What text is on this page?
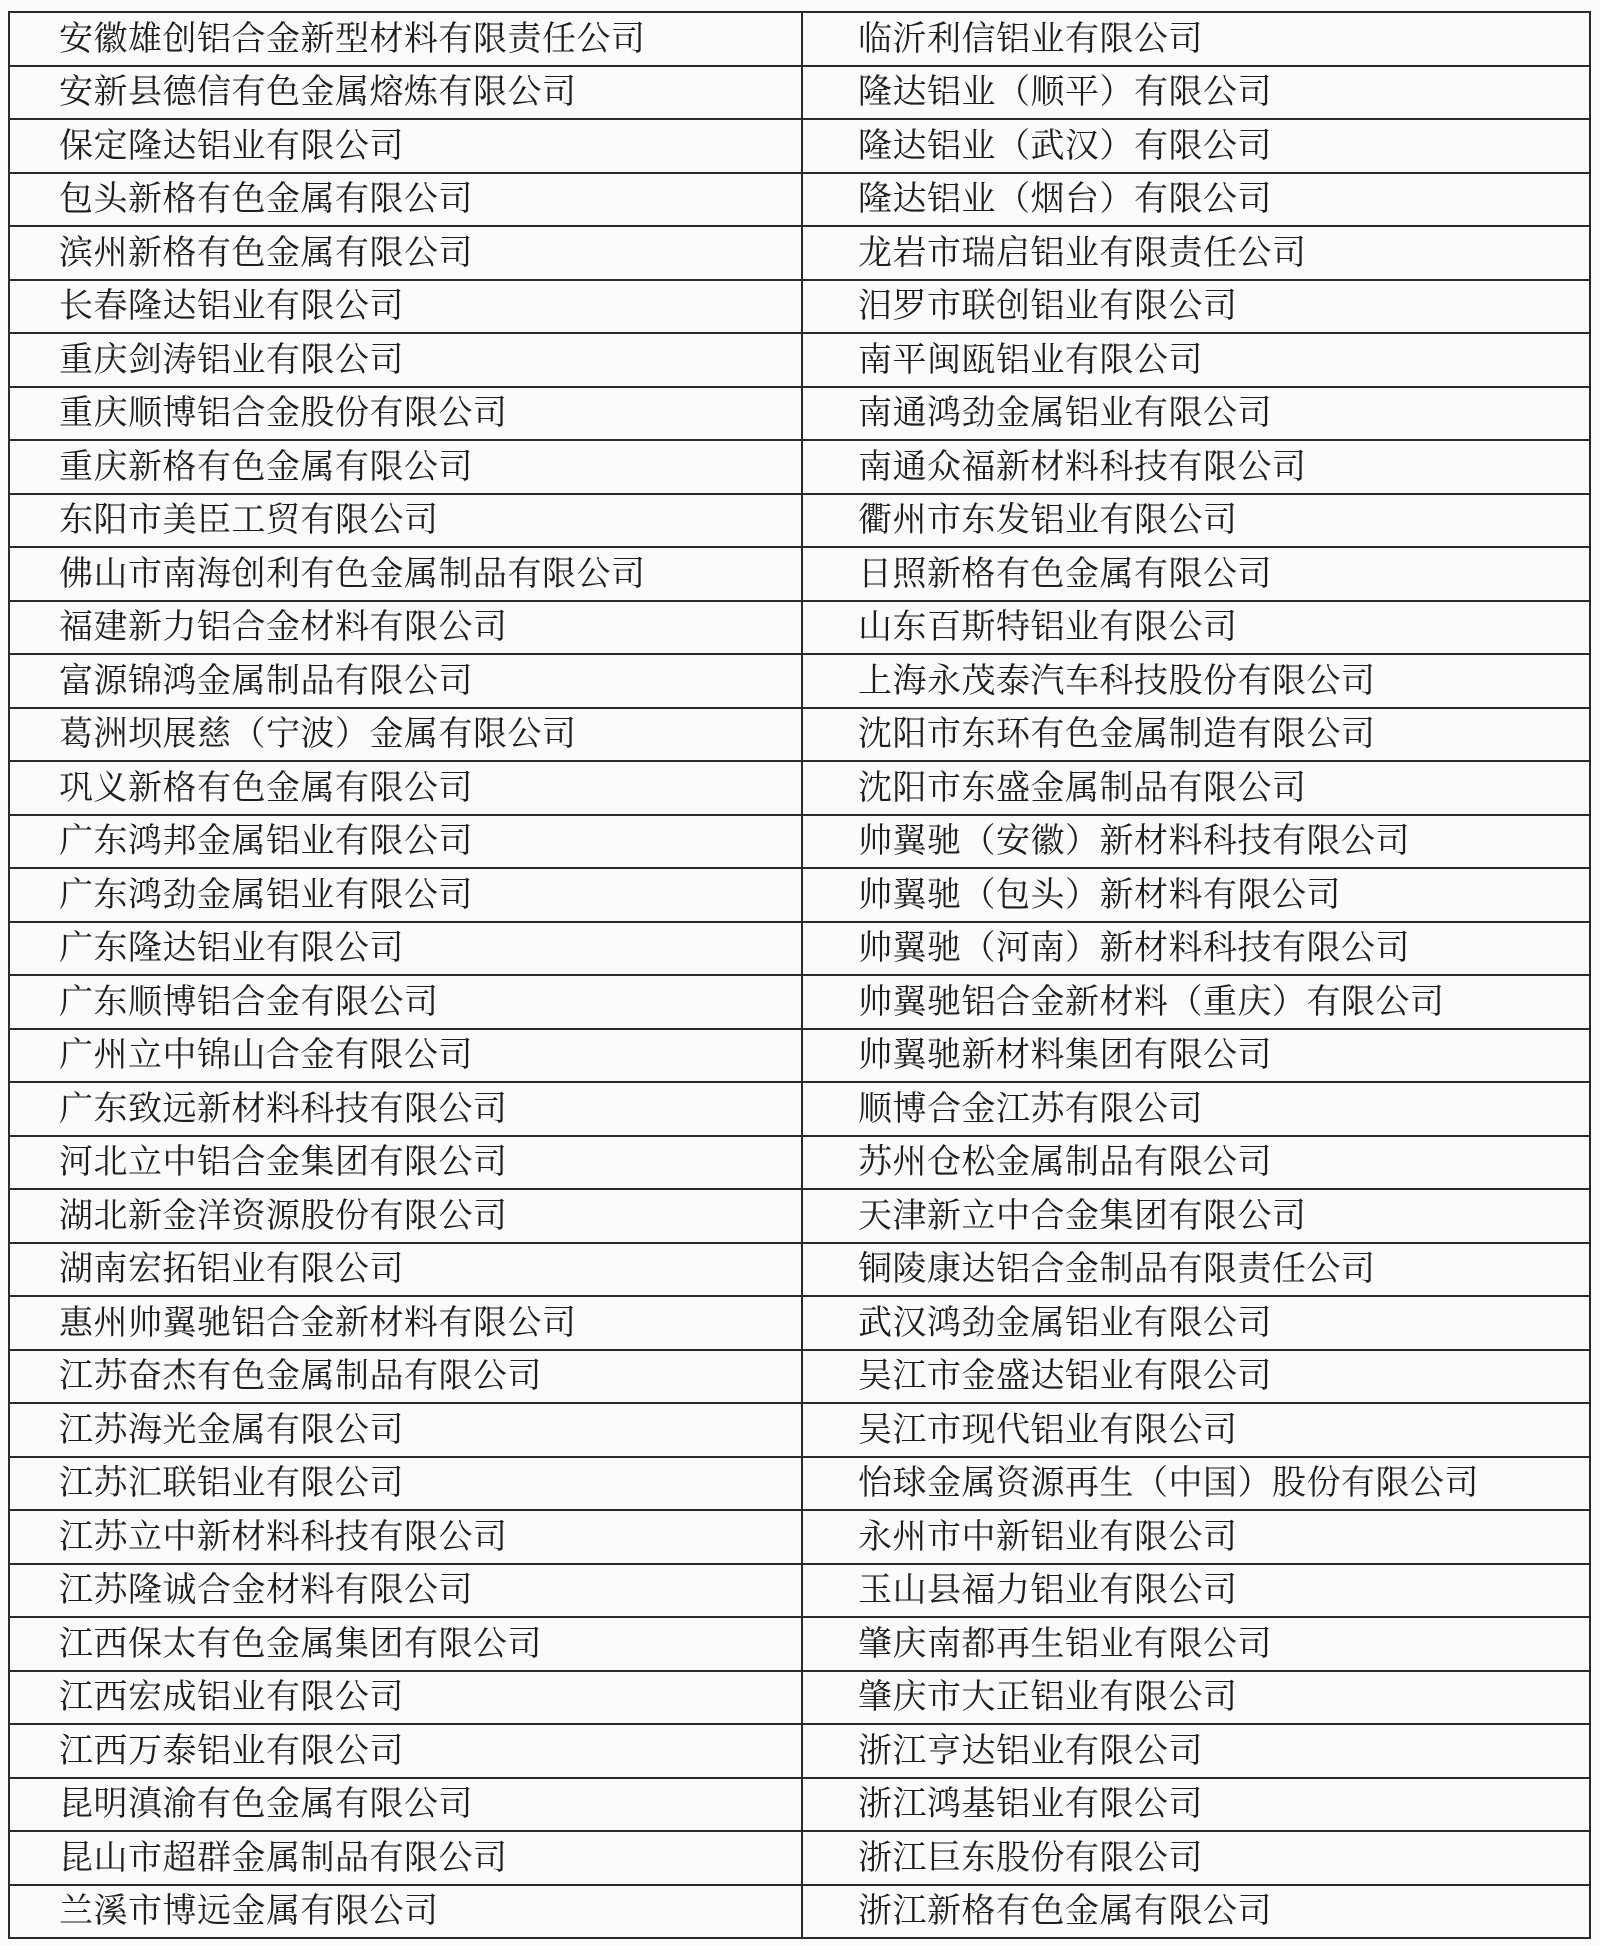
安徽雄创铝合金新型材料有限责任公司	临沂利信铝业有限公司
安新县德信有色金属熔炼有限公司	隆达铝业（顺平）有限公司
保定隆达铝业有限公司	隆达铝业（武汉）有限公司
包头新格有色金属有限公司	隆达铝业（烟台）有限公司
滨州新格有色金属有限公司	龙岩市瑞启铝业有限责任公司
长春隆达铝业有限公司	汨罗市联创铝业有限公司
重庆剑涛铝业有限公司	南平闽瓯铝业有限公司
重庆顺博铝合金股份有限公司	南通鸿劲金属铝业有限公司
重庆新格有色金属有限公司	南通众福新材料科技有限公司
东阳市美臣工贸有限公司	衢州市东发铝业有限公司
佛山市南海创利有色金属制品有限公司	日照新格有色金属有限公司
福建新力铝合金材料有限公司	山东百斯特铝业有限公司
富源锦鸿金属制品有限公司	上海永茂泰汽车科技股份有限公司
葛洲坝展慈（宁波）金属有限公司	沈阳市东环有色金属制造有限公司
巩义新格有色金属有限公司	沈阳市东盛金属制品有限公司
广东鸿邦金属铝业有限公司	帅翼驰（安徽）新材料科技有限公司
广东鸿劲金属铝业有限公司	帅翼驰（包头）新材料有限公司
广东隆达铝业有限公司	帅翼驰（河南）新材料科技有限公司
广东顺博铝合金有限公司	帅翼驰铝合金新材料（重庆）有限公司
广州立中锦山合金有限公司	帅翼驰新材料集团有限公司
广东致远新材料科技有限公司	顺博合金江苏有限公司
河北立中铝合金集团有限公司	苏州仓松金属制品有限公司
湖北新金洋资源股份有限公司	天津新立中合金集团有限公司
湖南宏拓铝业有限公司	铜陵康达铝合金制品有限责任公司
惠州帅翼驰铝合金新材料有限公司	武汉鸿劲金属铝业有限公司
江苏奋杰有色金属制品有限公司	吴江市金盛达铝业有限公司
江苏海光金属有限公司	吴江市现代铝业有限公司
江苏汇联铝业有限公司	怡球金属资源再生（中国）股份有限公司
江苏立中新材料科技有限公司	永州市中新铝业有限公司
江苏隆诚合金材料有限公司	玉山县福力铝业有限公司
江西保太有色金属集团有限公司	肇庆南都再生铝业有限公司
江西宏成铝业有限公司	肇庆市大正铝业有限公司
江西万泰铝业有限公司	浙江亨达铝业有限公司
昆明滇渝有色金属有限公司	浙江鸿基铝业有限公司
昆山市超群金属制品有限公司	浙江巨东股份有限公司
兰溪市博远金属有限公司	浙江新格有色金属有限公司
